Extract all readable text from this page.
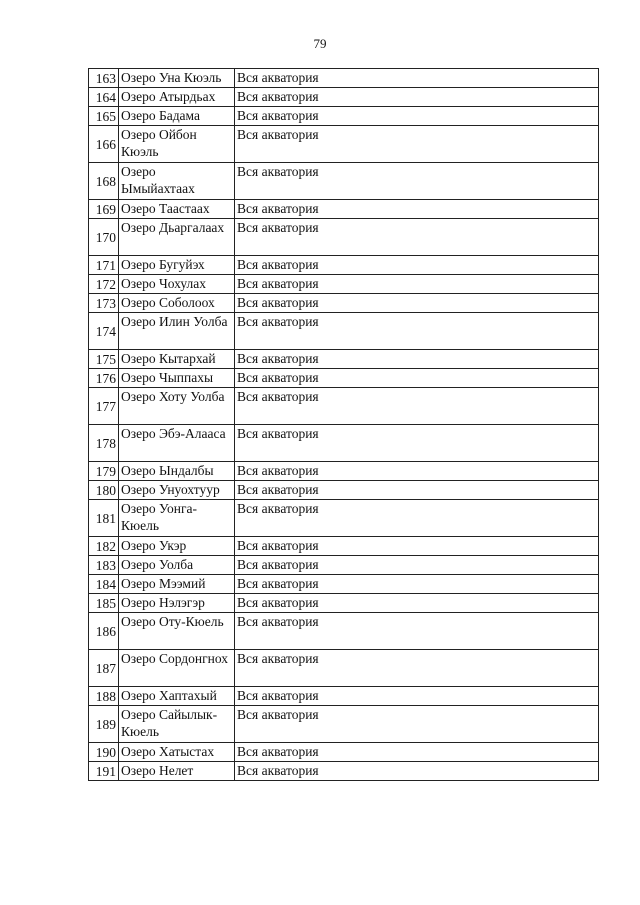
79
163	Озеро Уна Кюэль	Вся акватория
164	Озеро Атырдьах	Вся акватория
165	Озеро Бадама	Вся акватория
166	Озеро Ойбон Кюэль	Вся акватория
168	Озеро Ымыйахтаах	Вся акватория
169	Озеро Таастаах	Вся акватория
170	Озеро Дьаргалаах	Вся акватория
171	Озеро Бугуйэх	Вся акватория
172	Озеро Чохулах	Вся акватория
173	Озеро Соболоох	Вся акватория
174	Озеро Илин Уолба	Вся акватория
175	Озеро Кытархай	Вся акватория
176	Озеро Чыппахы	Вся акватория
177	Озеро Хоту Уолба	Вся акватория
178	Озеро Эбэ-Алааса	Вся акватория
179	Озеро Ындалбы	Вся акватория
180	Озеро Унуохтуур	Вся акватория
181	Озеро Уонга-Кюель	Вся акватория
182	Озеро Укэр	Вся акватория
183	Озеро Уолба	Вся акватория
184	Озеро Мээмий	Вся акватория
185	Озеро Нэлэгэр	Вся акватория
186	Озеро Оту-Кюель	Вся акватория
187	Озеро Сордонгнох	Вся акватория
188	Озеро Хаптахый	Вся акватория
189	Озеро Сайылык-Кюель	Вся акватория
190	Озеро Хатыстах	Вся акватория
191	Озеро Нелет	Вся акватория
